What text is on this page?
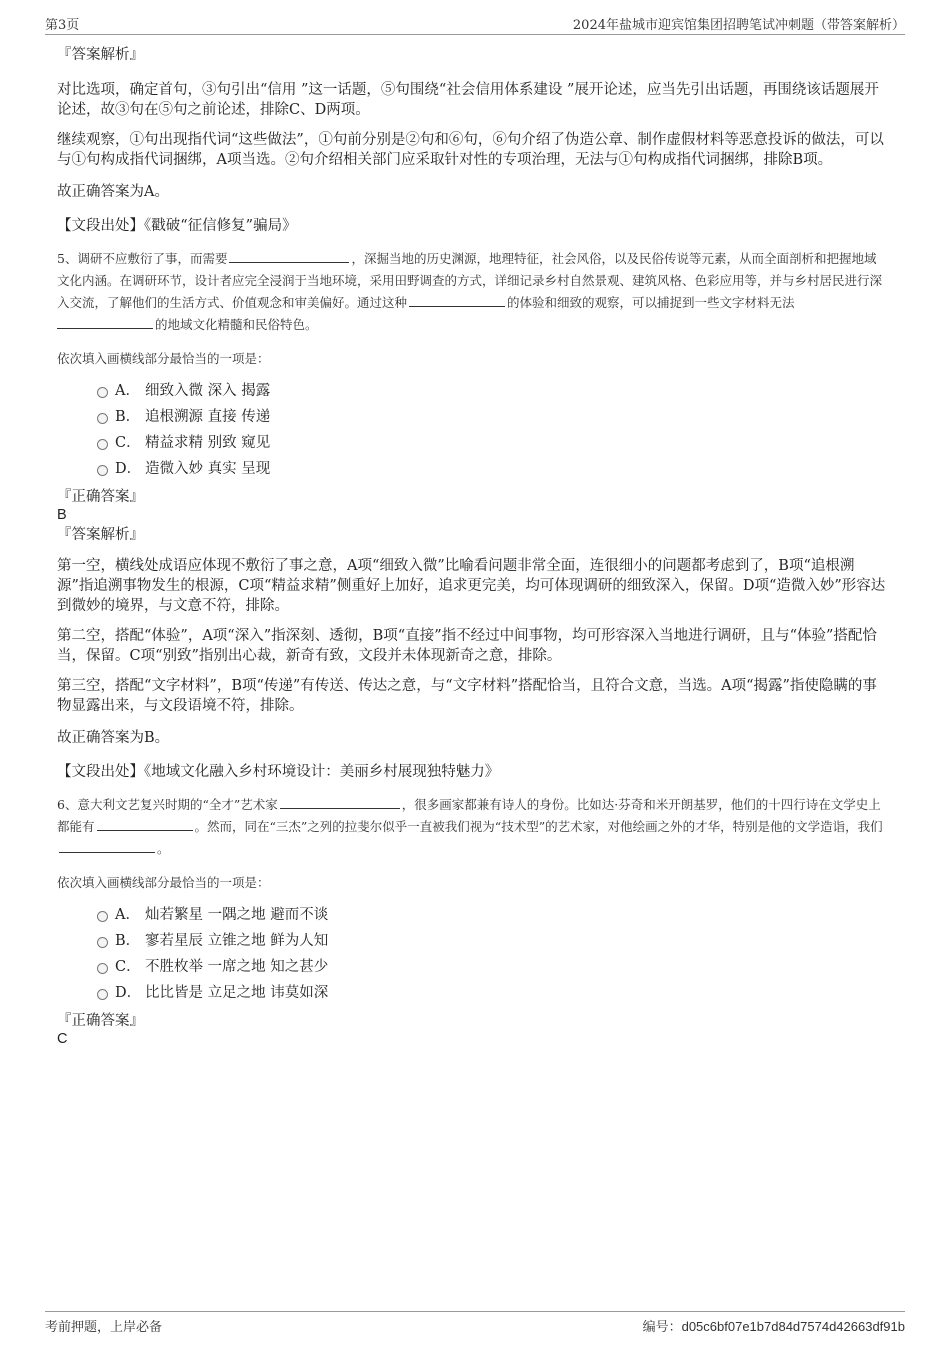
第3页	2024年盐城市迎宾馆集团招聘笔试冲刺题（带答案解析）
『答案解析』

对比选项，确定首句，③句引出“信用 ”这一话题，⑤句围绕“社会信用体系建设 ”展开论述，应当先引出话题，再围绕该话题展开论述，故③句在⑤句之前论述，排除C、D两项。

继续观察，①句出现指代词“这些做法”，①句前分别是②句和⑥句，⑥句介绍了伪造公章、制作虚假材料等恶意投诉的做法，可以与①句构成指代词捆绑，A项当选。②句介绍相关部门应采取针对性的专项治理，无法与①句构成指代词捆绑，排除B项。

故正确答案为A。

【文段出处】《戳破“征信修复”骗局》

5、调研不应敷衍了事，而需要	，深掘当地的历史渊源，地理特征，社会风俗，以及民俗传说等元素，从而全面剖析和把握地域文化内涵。在调研环节，设计者应完全浸润于当地环境，采用田野调查的方式，详细记录乡村自然景观、建筑风格、色彩应用等，并与乡村居民进行深入交流，了解他们的生活方式、价值观念和审美偏好。通过这种	的体验和细致的观察，可以捕捉到一些文字材料无法
的地域文化精髓和民俗特色。

依次填入画横线部分最恰当的一项是：

A． 细致入微 深入 揭露
B． 追根溯源 直接 传递
C． 精益求精 别致 窥见
D． 造微入妙 真实 呈现
『正确答案』
B
『答案解析』

第一空，横线处成语应体现不敷衍了事之意，A项“细致入微”比喻看问题非常全面，连很细小的问题都考虑到了，B项“追根溯源”指追溯事物发生的根源，C项“精益求精”侧重好上加好，追求更完美，均可体现调研的细致深入，保留。D项“造微入妙”形容达到微妙的境界，与文意不符，排除。

第二空，搭配“体验”，A项“深入”指深刻、透彻，B项“直接”指不经过中间事物，均可形容深入当地进行调研，且与“体验”搭配恰当，保留。C项“别致”指别出心裁，新奇有致，文段并未体现新奇之意，排除。

第三空，搭配“文字材料”，B项“传递”有传送、传达之意，与“文字材料”搭配恰当，且符合文意，当选。A项“揭露”指使隐瞒的事物显露出来，与文段语境不符，排除。

故正确答案为B。

【文段出处】《地域文化融入乡村环境设计：美丽乡村展现独特魅力》

6、意大利文艺复兴时期的“全才”艺术家	，很多画家都兼有诗人的身份。比如达·芬奇和米开朗基罗，他们的十四行诗在文学史上都能有	。然而，同在“三杰”之列的拉斐尔似乎一直被我们视为“技术型”的艺术家，对他绘画之外的才华，特别是他的文学造诣，我们。

依次填入画横线部分最恰当的一项是：

A． 灿若繁星 一隅之地 避而不谈
B． 寥若星辰 立锥之地 鲜为人知
C． 不胜枚举 一席之地 知之甚少
D． 比比皆是 立足之地 讳莫如深
『正确答案』
C
考前押题，上岸必备	编号：d05c6bf07e1b7d84d7574d42663df91b
